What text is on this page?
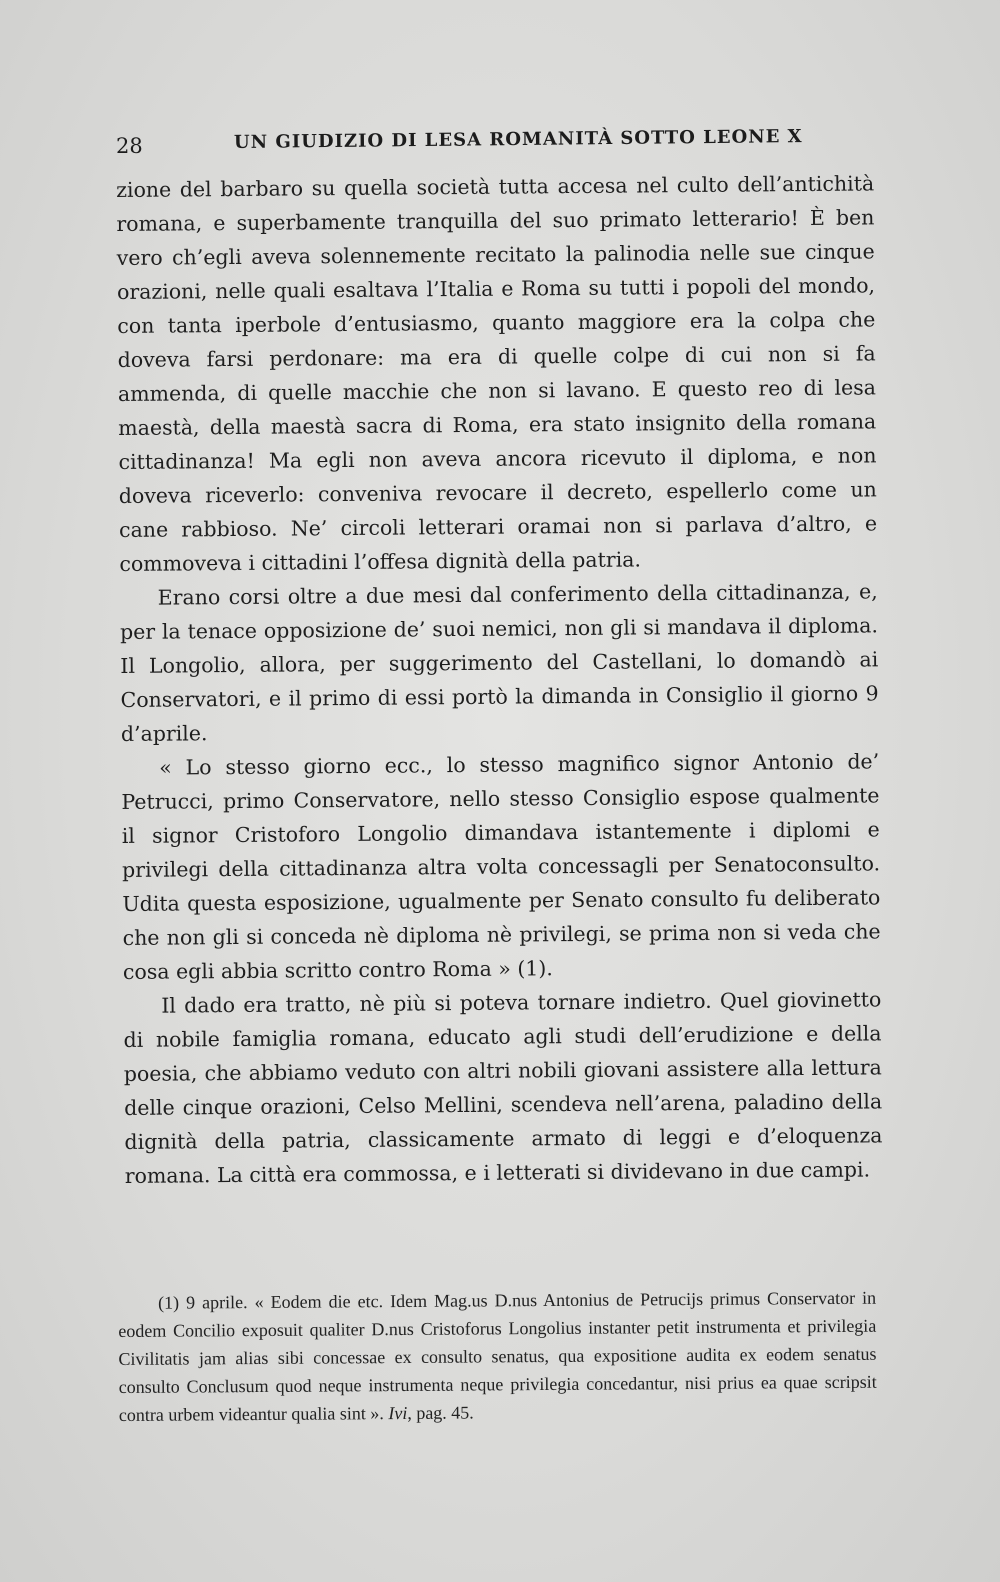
28	UN GIUDIZIO DI LESA ROMANITÀ SOTTO LEONE X

zione del barbaro su quella società tutta accesa nel culto dell’antichità romana, e superbamente tranquilla del suo primato letterario! È ben vero ch’egli aveva solennemente recitato la palinodia nelle sue cinque orazioni, nelle quali esaltava l’Italia e Roma su tutti i popoli del mondo, con tanta iperbole d’entusiasmo, quanto maggiore era la colpa che doveva farsi perdonare: ma era di quelle colpe di cui non si fa ammenda, di quelle macchie che non si lavano. E questo reo di lesa maestà, della maestà sacra di Roma, era stato insignito della romana cittadinanza! Ma egli non aveva ancora ricevuto il diploma, e non doveva riceverlo: conveniva revocare il decreto, espellerlo come un cane rabbioso. Ne’ circoli letterari oramai non si parlava d’altro, e commoveva i cittadini l’offesa dignità della patria.

Erano corsi oltre a due mesi dal conferimento della cittadinanza, e, per la tenace opposizione de’ suoi nemici, non gli si mandava il diploma. Il Longolio, allora, per suggerimento del Castellani, lo domandò ai Conservatori, e il primo di essi portò la dimanda in Consiglio il giorno 9 d’aprile.

« Lo stesso giorno ecc., lo stesso magnifico signor Antonio de’ Petrucci, primo Conservatore, nello stesso Consiglio espose qualmente il signor Cristoforo Longolio dimandava istantemente i diplomi e privilegi della cittadinanza altra volta concessagli per Senatoconsulto. Udita questa esposizione, ugualmente per Senato consulto fu deliberato che non gli si conceda nè diploma nè privilegi, se prima non si veda che cosa egli abbia scritto contro Roma » (1).

Il dado era tratto, nè più si poteva tornare indietro. Quel giovinetto di nobile famiglia romana, educato agli studi dell’erudizione e della poesia, che abbiamo veduto con altri nobili giovani assistere alla lettura delle cinque orazioni, Celso Mellini, scendeva nell’arena, paladino della dignità della patria, classicamente armato di leggi e d’eloquenza romana. La città era commossa, e i letterati si dividevano in due campi.

(1) 9 aprile. « Eodem die etc. Idem Mag.us D.nus Antonius de Petrucijs primus Conservator in eodem Concilio exposuit qualiter D.nus Cristoforus Longolius instanter petit instrumenta et privilegia Civilitatis jam alias sibi concessae ex consulto senatus, qua expositione audita ex eodem senatus consulto Conclusum quod neque instrumenta neque privilegia concedantur, nisi prius ea quae scripsit contra urbem videantur qualia sint ». Ivi, pag. 45.
